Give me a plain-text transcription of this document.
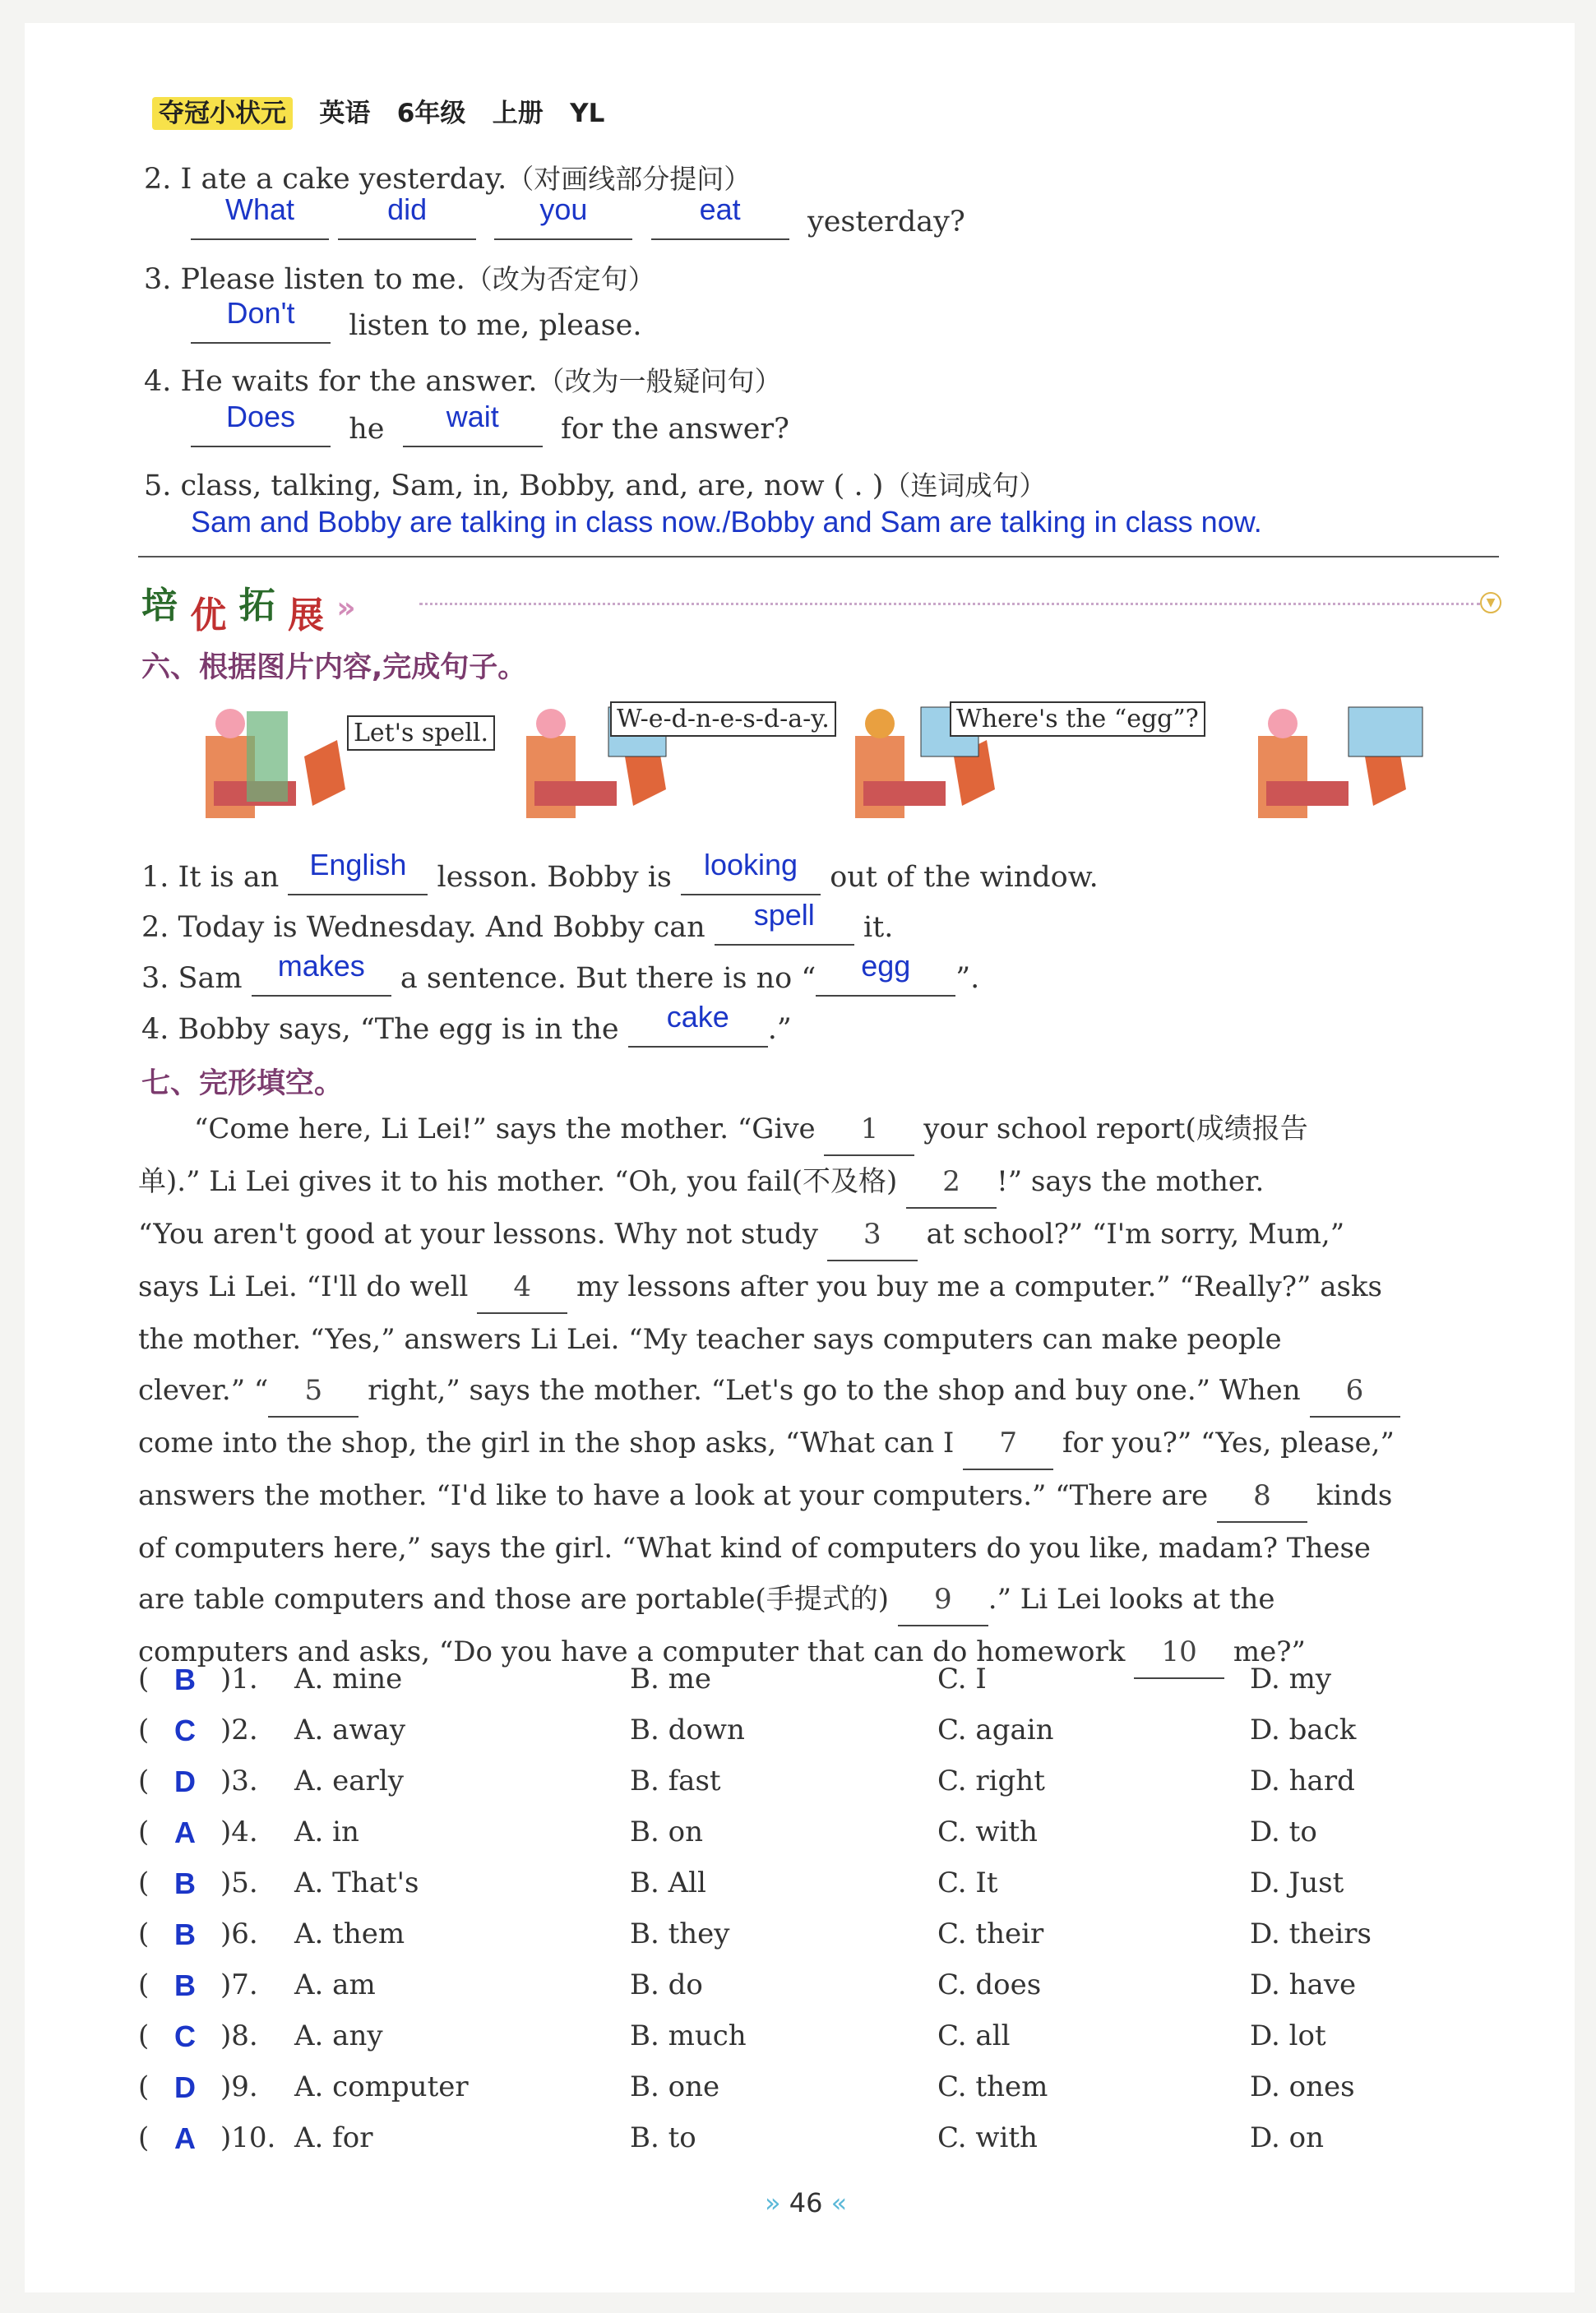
夺冠小状元 英语 6年级 上册 YL
2. I ate a cake yesterday.（对画线部分提问）
What	did	you	eat yesterday?
3. Please listen to me.（改为否定句）
Don't listen to me, please.
4. He waits for the answer.（改为一般疑问句）
Does he wait for the answer?
5. class, talking, Sam, in, Bobby, and, are, now ( . )（连词成句）
Sam and Bobby are talking in class now./Bobby and Sam are talking in class now.
培 优 拓 展 »	▼
六、根据图片内容,完成句子。
Let's spell.	W-e-d-n-e-s-d-a-y.	Where's the “egg”?
1. It is an English lesson. Bobby is looking out of the window.
2. Today is Wednesday. And Bobby can spell it.
3. Sam makes a sentence. But there is no “ egg ”.
4. Bobby says, “The egg is in the cake .”
七、完形填空。
“Come here, Li Lei!” says the mother. “Give 1 your school report(成绩报告
单).” Li Lei gives it to his mother. “Oh, you fail(不及格) 2 !” says the mother.
“You aren't good at your lessons. Why not study 3 at school?” “I'm sorry, Mum,”
says Li Lei. “I'll do well 4 my lessons after you buy me a computer.” “Really?” asks
the mother. “Yes,” answers Li Lei. “My teacher says computers can make people
clever.” “ 5 right,” says the mother. “Let's go to the shop and buy one.” When 6
come into the shop, the girl in the shop asks, “What can I 7 for you?” “Yes, please,”
answers the mother. “I'd like to have a look at your computers.” “There are 8 kinds
of computers here,” says the girl. “What kind of computers do you like, madam? These
are table computers and those are portable(手提式的) 9 .” Li Lei looks at the
computers and asks, “Do you have a computer that can do homework 10 me?”
( B )1. A. mine	B. me	C. I	D. my
( C )2. A. away	B. down	C. again	D. back
( D )3. A. early	B. fast	C. right	D. hard
( A )4. A. in	B. on	C. with	D. to
( B )5. A. That's	B. All	C. It	D. Just
( B )6. A. them	B. they	C. their	D. theirs
( B )7. A. am	B. do	C. does	D. have
( C )8. A. any	B. much	C. all	D. lot
( D )9. A. computer	B. one	C. them	D. ones
( A )10. A. for	B. to	C. with	D. on
» 46 «
